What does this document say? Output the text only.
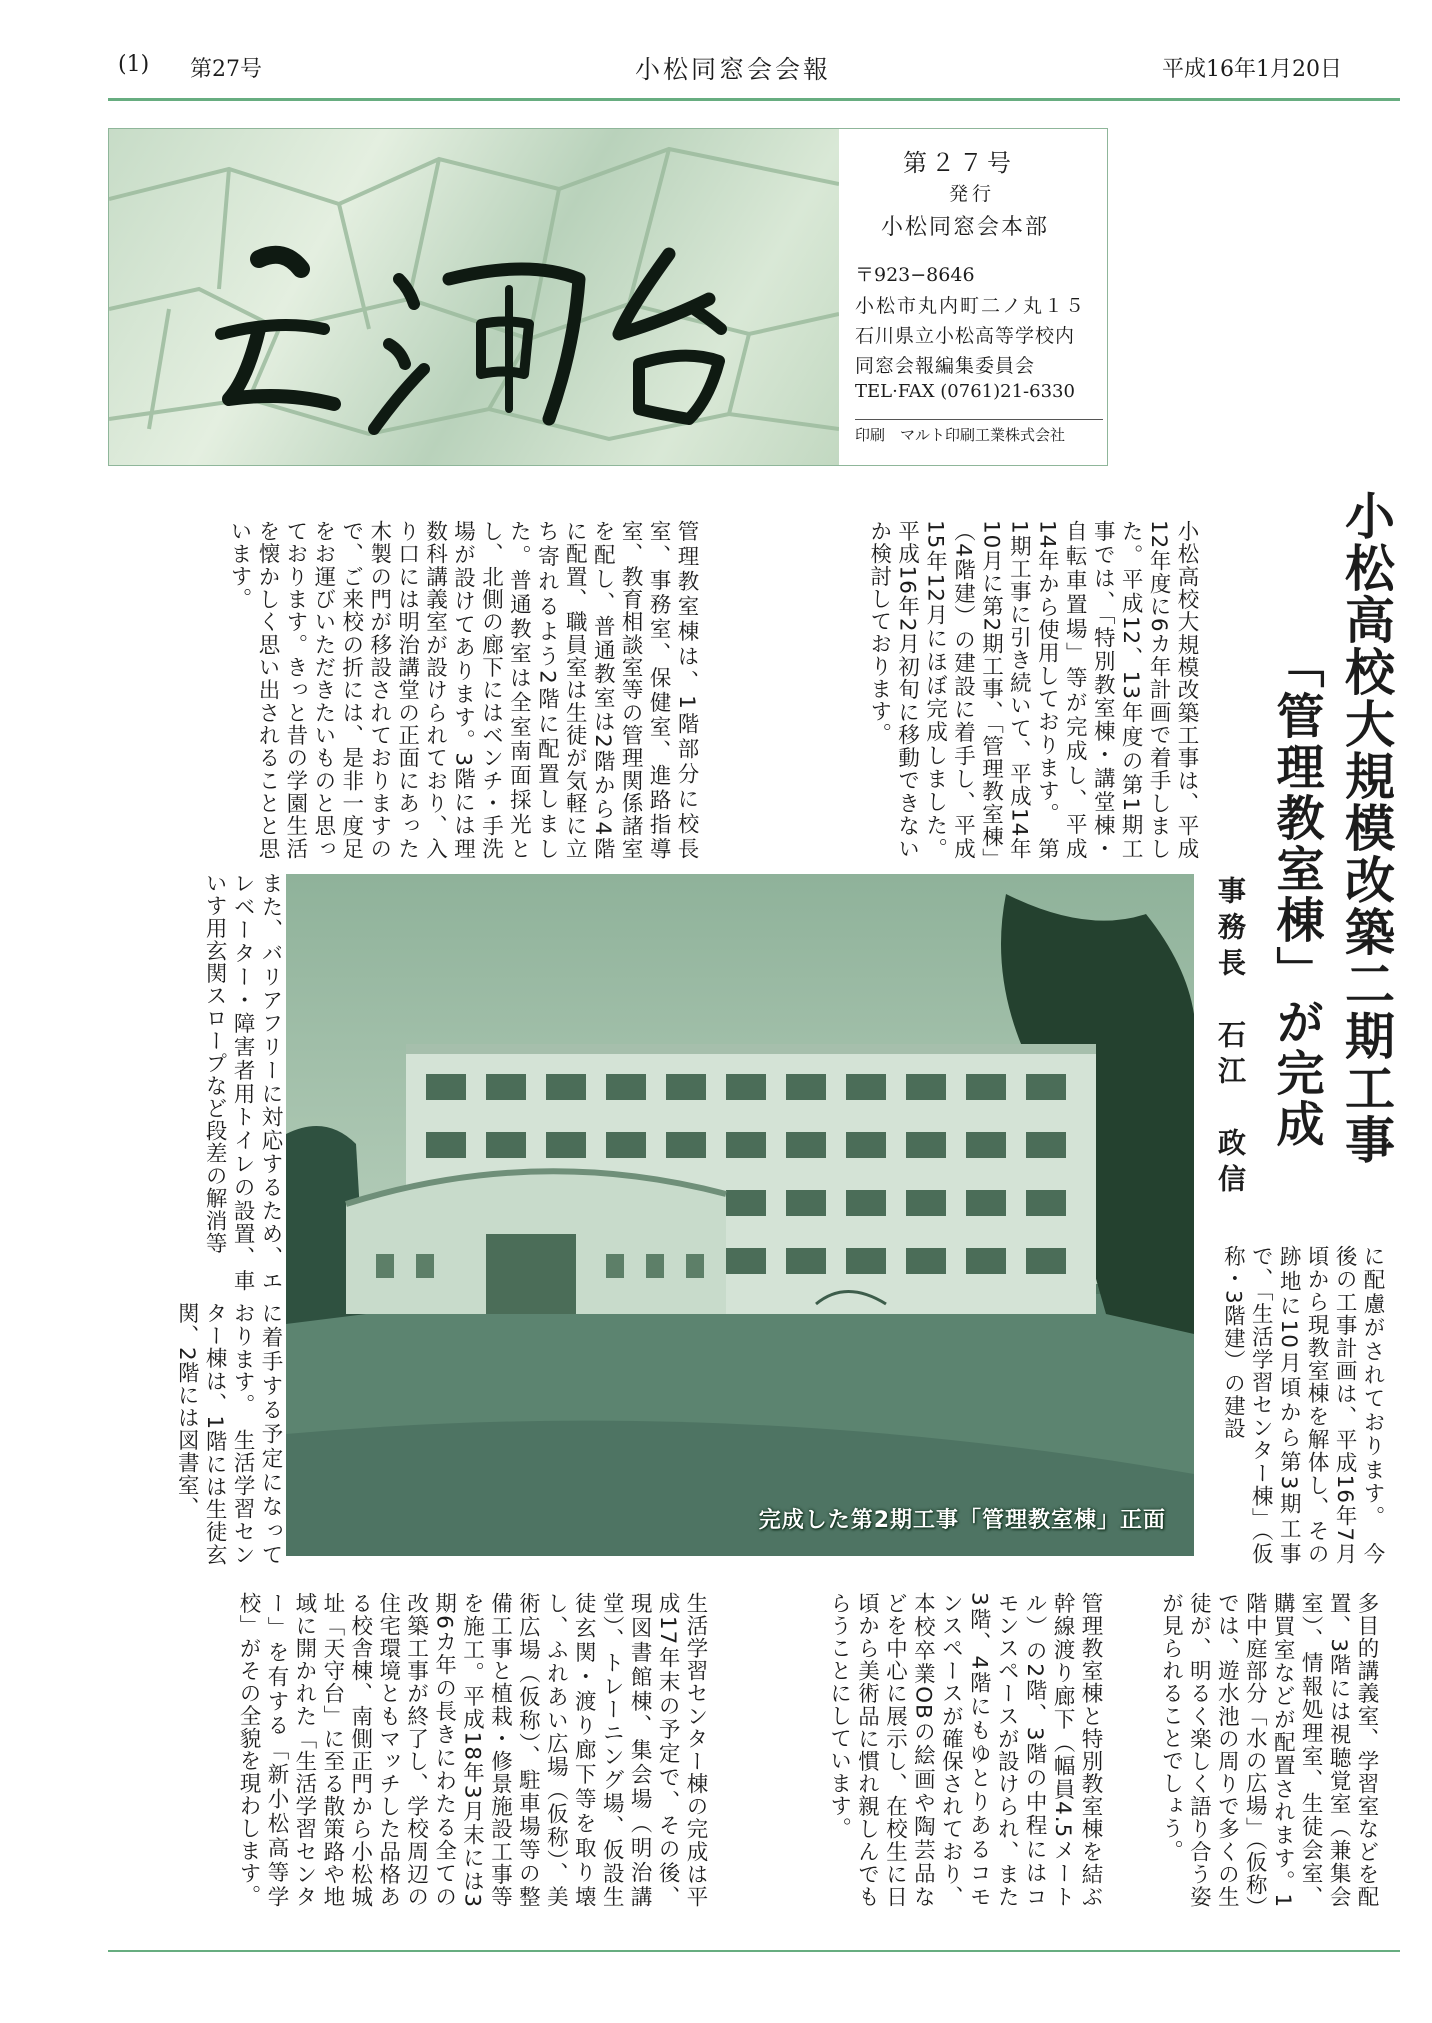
(1) 第27号	小松同窓会会報	平成16年1月20日
第２７号
発行
小松同窓会本部
〒923−8646
小松市丸内町二ノ丸１５
石川県立小松高等学校内
同窓会報編集委員会
TEL·FAX (0761)21-6330
印刷　マルト印刷工業株式会社
小松高校大規模改築二期工事
「管理教室棟」が完成
事務長　石江　政信
小松高校大規模改築工事は、平成12年度に6カ年計画で着手しました。平成12、13年度の第1期工事では、「特別教室棟・講堂棟・自転車置場」等が完成し、平成14年から使用しております。　第1期工事に引き続いて、平成14年10月に第2期工事、「管理教室棟」（4階建）の建設に着手し、平成15年12月にほぼ完成しました。平成16年2月初旬に移動できないか検討しております。
管理教室棟は、1階部分に校長室、事務室、保健室、進路指導室、教育相談室等の管理関係諸室を配し、普通教室は2階から4階に配置、職員室は生徒が気軽に立ち寄れるよう2階に配置しました。普通教室は全室南面採光とし、北側の廊下にはベンチ・手洗場が設けてあります。3階には理数科講義室が設けられており、入り口には明治講堂の正面にあった木製の門が移設されておりますので、ご来校の折には、是非一度足をお運びいただきたいものと思っております。きっと昔の学園生活を懐かしく思い出されることと思います。
また、バリアフリーに対応するため、エレベーター・障害者用トイレの設置、車いす用玄関スロープなど段差の解消等
に着手する予定になっております。　生活学習センター棟は、1階には生徒玄関、2階には図書室、	に配慮がされております。　今後の工事計画は、平成16年7月頃から現教室棟を解体し、その跡地に10月頃から第3期工事で、「生活学習センター棟」（仮称・3階建）の建設
多目的講義室、学習室などを配置、3階には視聴覚室（兼集会室）、情報処理室、生徒会室、購買室などが配置されます。1階中庭部分「水の広場」（仮称）では、遊水池の周りで多くの生徒が、明るく楽しく語り合う姿が見られることでしょう。
管理教室棟と特別教室棟を結ぶ幹線渡り廊下（幅員4.5メートル）の2階、3階の中程にはコモンスペースが設けられ、また3階、4階にもゆとりあるコモンスペースが確保されており、本校卒業OBの絵画や陶芸品などを中心に展示し、在校生に日頃から美術品に慣れ親しんでもらうことにしています。
生活学習センター棟の完成は平成17年末の予定で、その後、現図書館棟、集会場（明治講堂）、トレーニング場、仮設生徒玄関・渡り廊下等を取り壊し、ふれあい広場（仮称）、美術広場（仮称）、駐車場等の整備工事と植栽・修景施設工事等を施工。平成18年3月末には3期6カ年の長きにわたる全ての改築工事が終了し、学校周辺の住宅環境ともマッチした品格ある校舎棟、南側正門から小松城址「天守台」に至る散策路や地域に開かれた「生活学習センター」を有する「新小松高等学校」がその全貌を現わします。
完成した第2期工事「管理教室棟」正面
